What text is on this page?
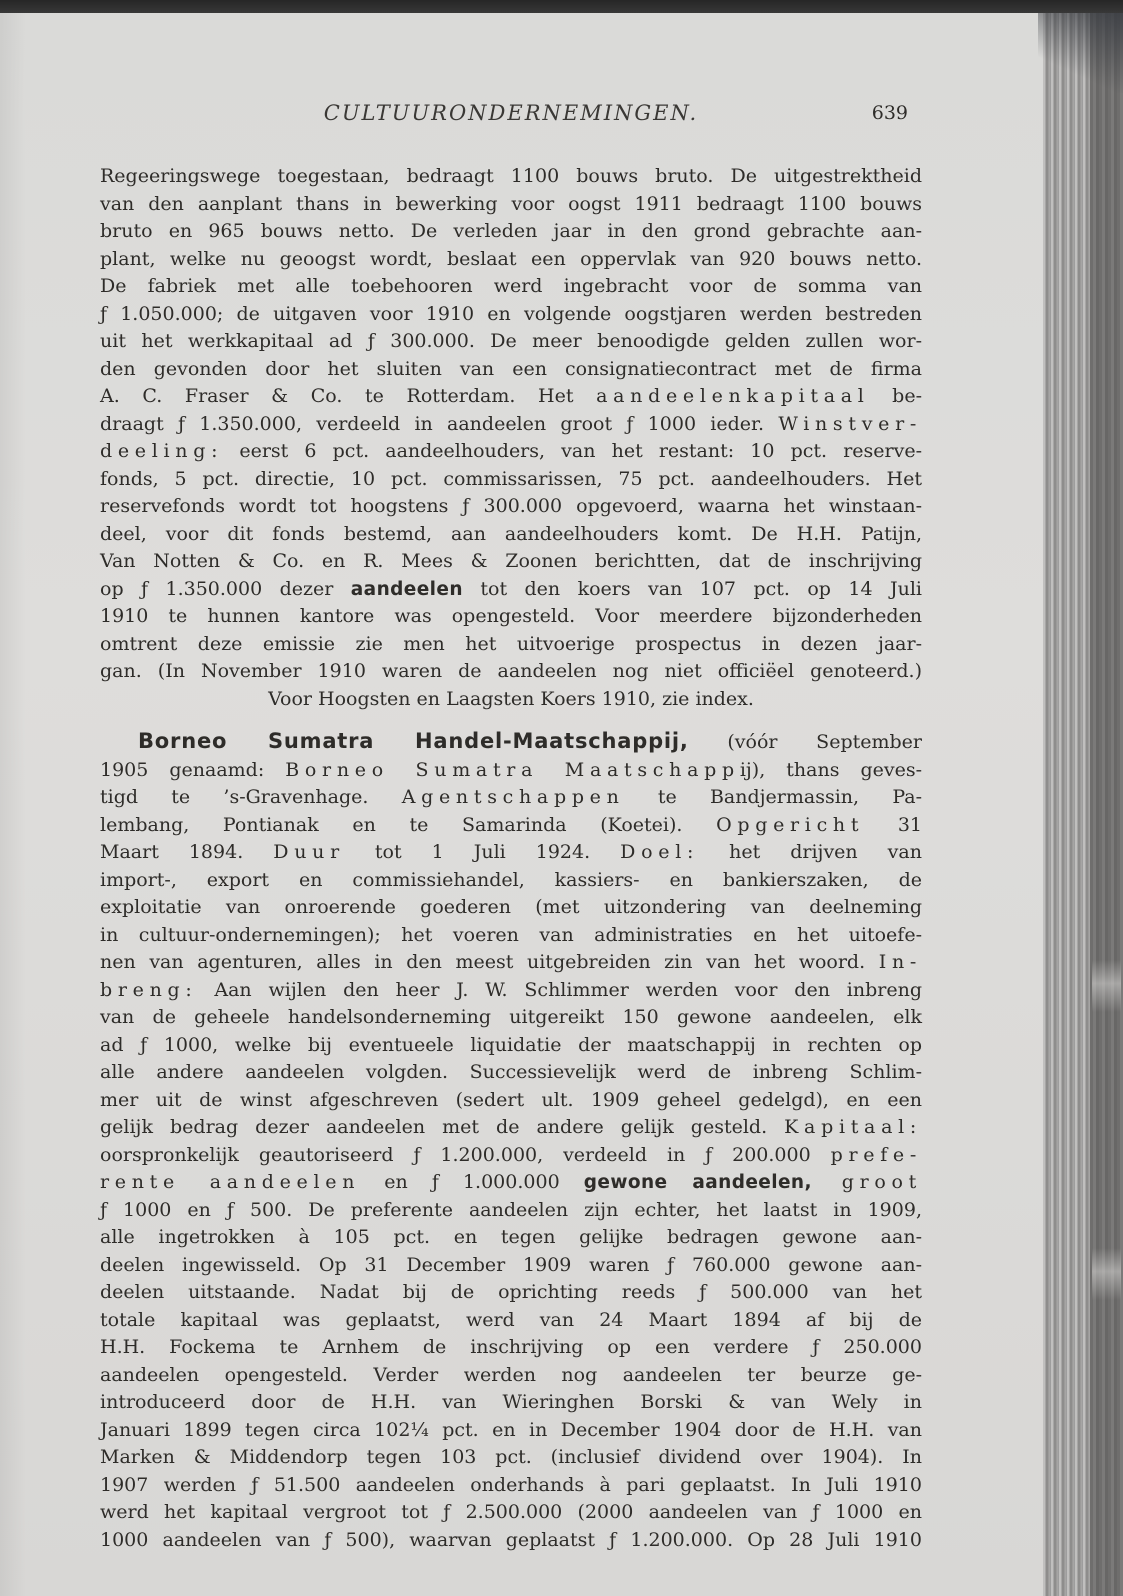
CULTUURONDERNEMINGEN.	639
Regeeringswege toegestaan, bedraagt 1100 bouws bruto. De uitgestrektheid
van den aanplant thans in bewerking voor oogst 1911 bedraagt 1100 bouws
bruto en 965 bouws netto. De verleden jaar in den grond gebrachte aan-
plant, welke nu geoogst wordt, beslaat een oppervlak van 920 bouws netto.
De fabriek met alle toebehooren werd ingebracht voor de somma van
ƒ 1.050.000; de uitgaven voor 1910 en volgende oogstjaren werden bestreden
uit het werkkapitaal ad ƒ 300.000. De meer benoodigde gelden zullen wor-
den gevonden door het sluiten van een consignatiecontract met de firma
A. C. Fraser & Co. te Rotterdam. Het aandeelenkapitaal be-
draagt ƒ 1.350.000, verdeeld in aandeelen groot ƒ 1000 ieder. Winstver-
deeling: eerst 6 pct. aandeelhouders, van het restant: 10 pct. reserve-
fonds, 5 pct. directie, 10 pct. commissarissen, 75 pct. aandeelhouders. Het
reservefonds wordt tot hoogstens ƒ 300.000 opgevoerd, waarna het winstaan-
deel, voor dit fonds bestemd, aan aandeelhouders komt. De H.H. Patijn,
Van Notten & Co. en R. Mees & Zoonen berichtten, dat de inschrijving
op ƒ 1.350.000 dezer aandeelen tot den koers van 107 pct. op 14 Juli
1910 te hunnen kantore was opengesteld. Voor meerdere bijzonderheden
omtrent deze emissie zie men het uitvoerige prospectus in dezen jaar-
gan. (In November 1910 waren de aandeelen nog niet officiëel genoteerd.)
Voor Hoogsten en Laagsten Koers 1910, zie index.
Borneo Sumatra Handel-Maatschappij, (vóór September
1905 genaamd: Borneo Sumatra Maatschappij), thans geves-
tigd te ’s-Gravenhage. Agentschappen te Bandjermassin, Pa-
lembang, Pontianak en te Samarinda (Koetei). Opgericht 31
Maart 1894. Duur tot 1 Juli 1924. Doel: het drijven van
import-, export en commissiehandel, kassiers- en bankierszaken, de
exploitatie van onroerende goederen (met uitzondering van deelneming
in cultuur-ondernemingen); het voeren van administraties en het uitoefe-
nen van agenturen, alles in den meest uitgebreiden zin van het woord. In-
breng: Aan wijlen den heer J. W. Schlimmer werden voor den inbreng
van de geheele handelsonderneming uitgereikt 150 gewone aandeelen, elk
ad ƒ 1000, welke bij eventueele liquidatie der maatschappij in rechten op
alle andere aandeelen volgden. Successievelijk werd de inbreng Schlim-
mer uit de winst afgeschreven (sedert ult. 1909 geheel gedelgd), en een
gelijk bedrag dezer aandeelen met de andere gelijk gesteld. Kapitaal:
oorspronkelijk geautoriseerd ƒ 1.200.000, verdeeld in ƒ 200.000 prefe-
rente aandeelen en ƒ 1.000.000 gewone aandeelen, groot
ƒ 1000 en ƒ 500. De preferente aandeelen zijn echter, het laatst in 1909,
alle ingetrokken à 105 pct. en tegen gelijke bedragen gewone aan-
deelen ingewisseld. Op 31 December 1909 waren ƒ 760.000 gewone aan-
deelen uitstaande. Nadat bij de oprichting reeds ƒ 500.000 van het
totale kapitaal was geplaatst, werd van 24 Maart 1894 af bij de
H.H. Fockema te Arnhem de inschrijving op een verdere ƒ 250.000
aandeelen opengesteld. Verder werden nog aandeelen ter beurze ge-
introduceerd door de H.H. van Wieringhen Borski & van Wely in
Januari 1899 tegen circa 102¼ pct. en in December 1904 door de H.H. van
Marken & Middendorp tegen 103 pct. (inclusief dividend over 1904). In
1907 werden ƒ 51.500 aandeelen onderhands à pari geplaatst. In Juli 1910
werd het kapitaal vergroot tot ƒ 2.500.000 (2000 aandeelen van ƒ 1000 en
1000 aandeelen van ƒ 500), waarvan geplaatst ƒ 1.200.000. Op 28 Juli 1910
